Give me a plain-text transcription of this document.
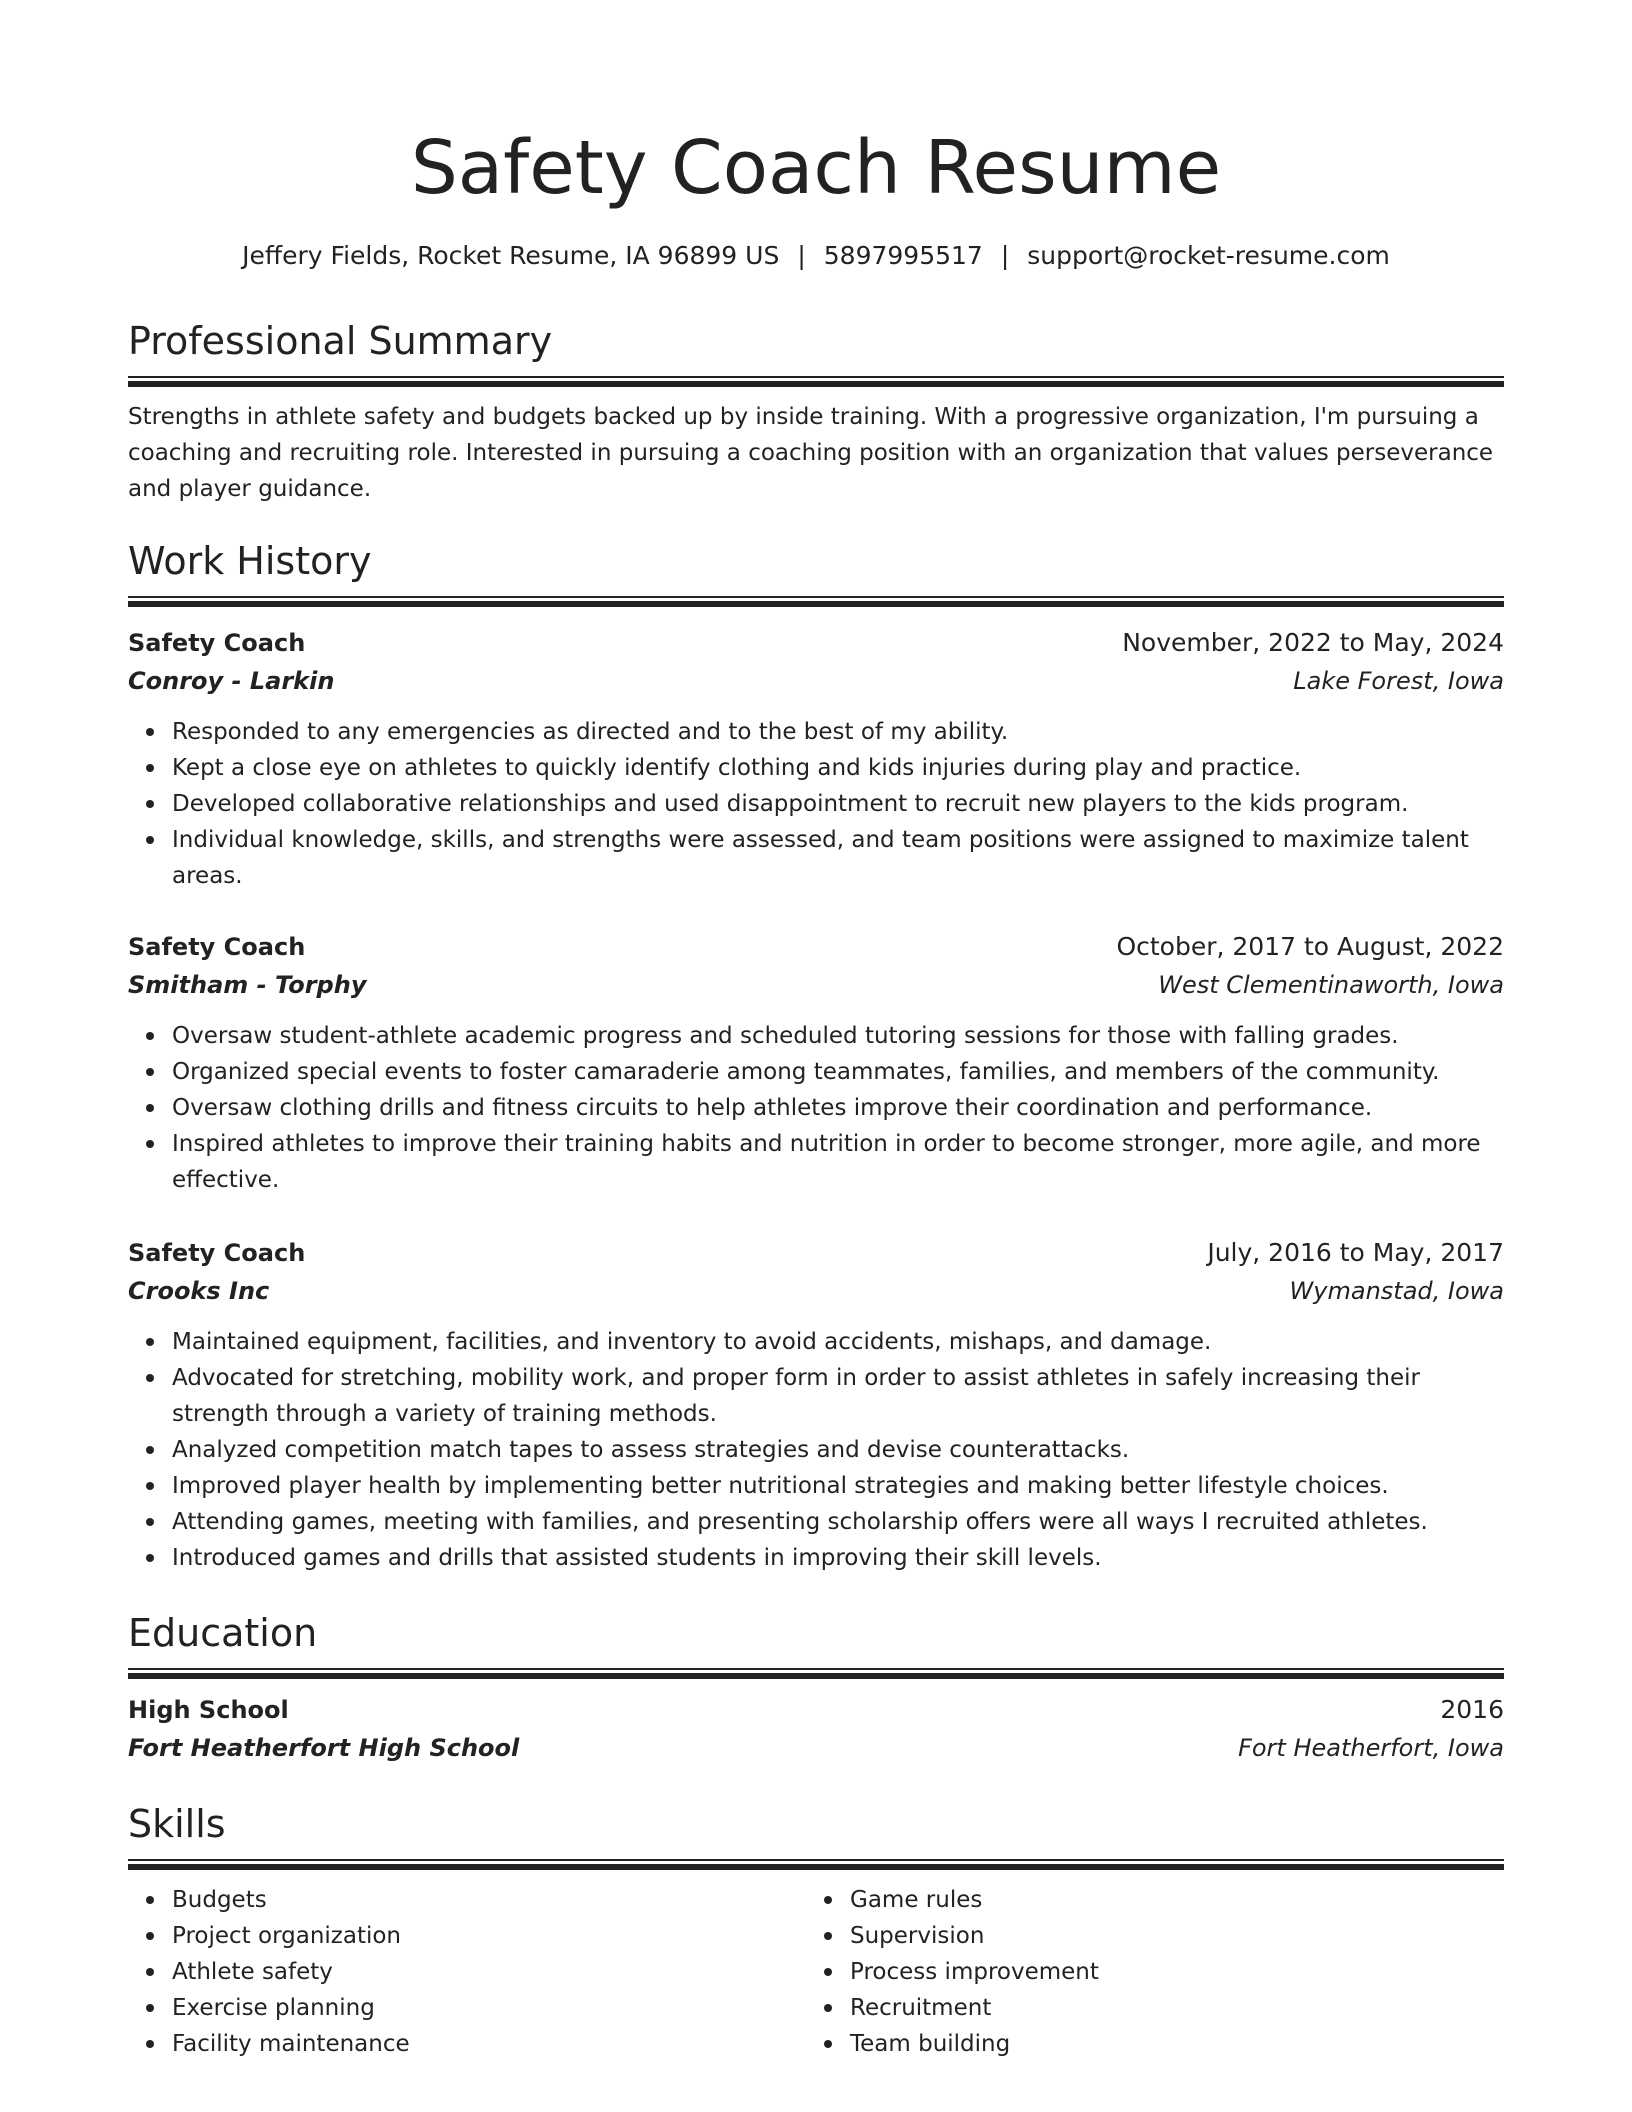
Safety Coach Resume
Jeffery Fields, Rocket Resume, IA 96899 US | 5897995517 | support@rocket-resume.com
Professional Summary
Strengths in athlete safety and budgets backed up by inside training. With a progressive organization, I'm pursuing a coaching and recruiting role. Interested in pursuing a coaching position with an organization that values perseverance and player guidance.
Work History
Safety Coach	November, 2022 to May, 2024
Conroy - Larkin	Lake Forest, Iowa
Responded to any emergencies as directed and to the best of my ability.
Kept a close eye on athletes to quickly identify clothing and kids injuries during play and practice.
Developed collaborative relationships and used disappointment to recruit new players to the kids program.
Individual knowledge, skills, and strengths were assessed, and team positions were assigned to maximize talent areas.
Safety Coach	October, 2017 to August, 2022
Smitham - Torphy	West Clementinaworth, Iowa
Oversaw student-athlete academic progress and scheduled tutoring sessions for those with falling grades.
Organized special events to foster camaraderie among teammates, families, and members of the community.
Oversaw clothing drills and fitness circuits to help athletes improve their coordination and performance.
Inspired athletes to improve their training habits and nutrition in order to become stronger, more agile, and more effective.
Safety Coach	July, 2016 to May, 2017
Crooks Inc	Wymanstad, Iowa
Maintained equipment, facilities, and inventory to avoid accidents, mishaps, and damage.
Advocated for stretching, mobility work, and proper form in order to assist athletes in safely increasing their strength through a variety of training methods.
Analyzed competition match tapes to assess strategies and devise counterattacks.
Improved player health by implementing better nutritional strategies and making better lifestyle choices.
Attending games, meeting with families, and presenting scholarship offers were all ways I recruited athletes.
Introduced games and drills that assisted students in improving their skill levels.
Education
High School	2016
Fort Heatherfort High School	Fort Heatherfort, Iowa
Skills
Budgets
Project organization
Athlete safety
Exercise planning
Facility maintenance
Game rules
Supervision
Process improvement
Recruitment
Team building
